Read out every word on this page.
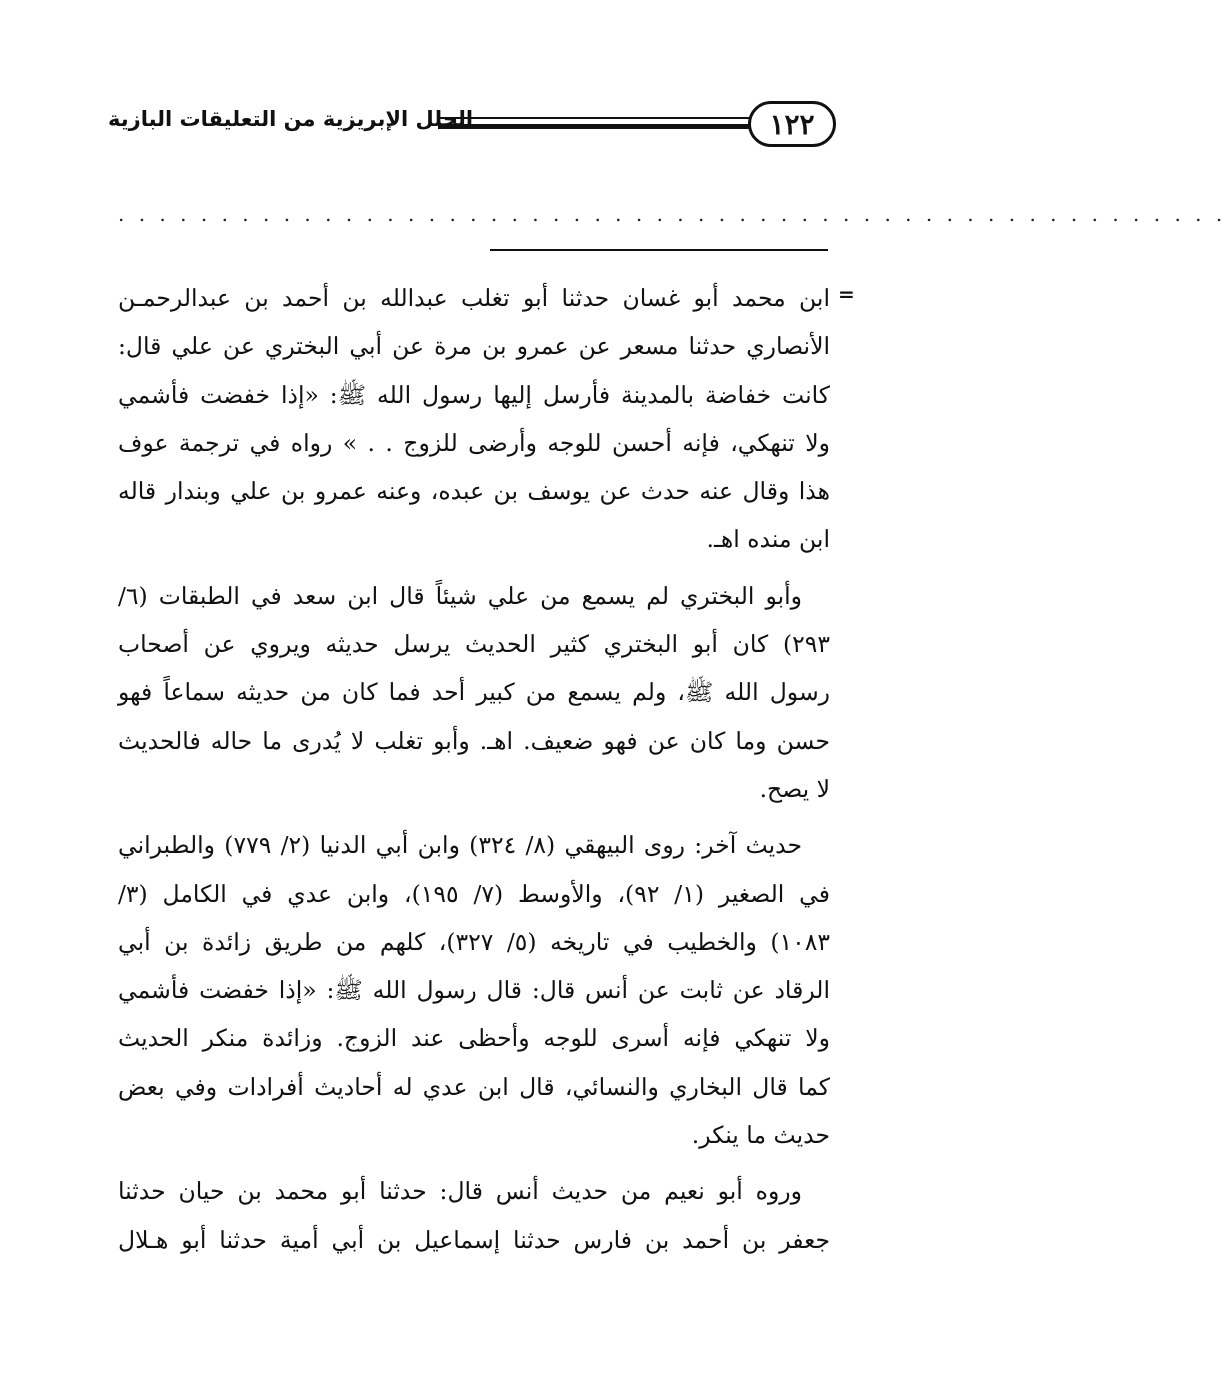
١٢٢
الحلل الإبريزية من التعليقات البازية
. . . . . . . . . . . . . . . . . . . . . . . . . . . . . . . . . . . . . . . . . . . . . . . . . . . . . .
=
ابن محمد أبو غسان حدثنا أبو تغلب عبدالله بن أحمد بن عبدالرحمـن
الأنصاري حدثنا مسعر عن عمرو بن مرة عن أبي البختري عن علي قال:
كانت خفاضة بالمدينة فأرسل إليها رسول الله ﷺ: «إذا خفضت فأشمي
ولا تنهكي، فإنه أحسن للوجه وأرضى للزوج . . » رواه في ترجمة عوف
هذا وقال عنه حدث عن يوسف بن عبده، وعنه عمرو بن علي وبندار قاله
ابن منده اهـ.
وأبو البختري لم يسمع من علي شيئاً قال ابن سعد في الطبقات (٦/
٢٩٣) كان أبو البختري كثير الحديث يرسل حديثه ويروي عن أصحاب
رسول الله ﷺ، ولم يسمع من كبير أحد فما كان من حديثه سماعاً فهو
حسن وما كان عن فهو ضعيف. اهـ. وأبو تغلب لا يُدرى ما حاله فالحديث
لا يصح.
حديث آخر: روى البيهقي (٨/ ٣٢٤) وابن أبي الدنيا (٢/ ٧٧٩) والطبراني
في الصغير (١/ ٩٢)، والأوسط (٧/ ١٩٥)، وابن عدي في الكامل (٣/
١٠٨٣) والخطيب في تاريخه (٥/ ٣٢٧)، كلهم من طريق زائدة بن أبي
الرقاد عن ثابت عن أنس قال: قال رسول الله ﷺ: «إذا خفضت فأشمي
ولا تنهكي فإنه أسرى للوجه وأحظى عند الزوج. وزائدة منكر الحديث
كما قال البخاري والنسائي، قال ابن عدي له أحاديث أفرادات وفي بعض
حديث ما ينكر.
وروه أبو نعيم من حديث أنس قال: حدثنا أبو محمد بن حيان حدثنا
جعفر بن أحمد بن فارس حدثنا إسماعيل بن أبي أمية حدثنا أبو هـلال
